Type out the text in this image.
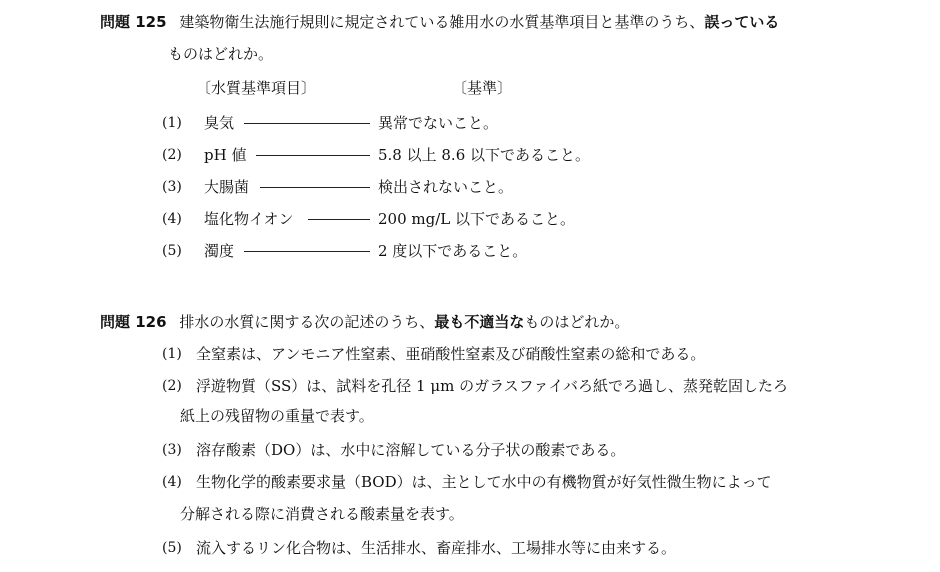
問題 125 建築物衛生法施行規則に規定されている雑用水の水質基準項目と基準のうち、誤っている
ものはどれか。
〔水質基準項目〕	〔基準〕
(1) 臭気	異常でないこと。
(2) pH 値	5.8 以上 8.6 以下であること。
(3) 大腸菌	検出されないこと。
(4) 塩化物イオン	200 mg/L 以下であること。
(5) 濁度	2 度以下であること。
問題 126 排水の水質に関する次の記述のうち、最も不適当なものはどれか。
(1) 全窒素は、アンモニア性窒素、亜硝酸性窒素及び硝酸性窒素の総和である。
(2) 浮遊物質（SS）は、試料を孔径 1 μm のガラスファイバろ紙でろ過し、蒸発乾固したろ
紙上の残留物の重量で表す。
(3) 溶存酸素（DO）は、水中に溶解している分子状の酸素である。
(4) 生物化学的酸素要求量（BOD）は、主として水中の有機物質が好気性微生物によって
分解される際に消費される酸素量を表す。
(5) 流入するリン化合物は、生活排水、畜産排水、工場排水等に由来する。
